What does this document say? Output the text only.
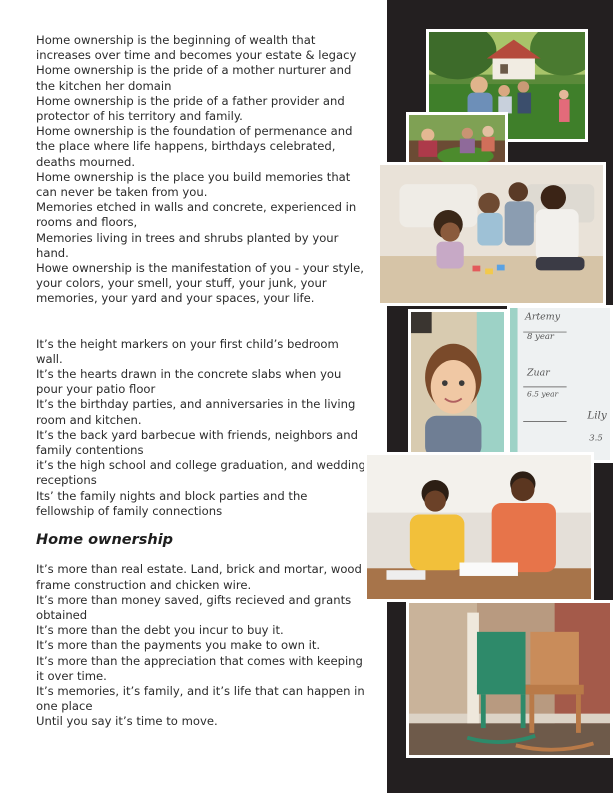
Home ownership is the beginning of wealth that increases over time and becomes your estate & legacy

Home ownership is the pride of a mother nurturer and the kitchen her domain

Home ownership is the pride of a father provider and protector of his territory and family.

Home ownership is the foundation of permenance and the place where life happens, birthdays celebrated, deaths mourned.

Home ownership is the place you build memories that can never be taken from you.

Memories etched in walls and concrete, experienced in rooms and floors,

Memories living in trees and shrubs planted by your hand.

Howe ownership is the manifestation of you - your style, your colors, your smell, your stuff, your junk, your memories, your yard and your spaces, your life.

It’s the height markers on your first child’s bedroom wall.

It’s the hearts drawn in the concrete slabs when you pour your patio floor

It’s the birthday parties, and anniversaries in the living room and kitchen.

It’s the back yard barbecue with friends, neighbors and family contentions

it’s the high school and college graduation, and wedding receptions

Its’ the family nights and block parties and the fellowship of family connections

Home ownership

It’s more than real estate. Land, brick and mortar, wood frame construction and chicken wire.

It’s more than money saved, gifts recieved and grants obtained

It’s more than the debt you incur to buy it.

It’s more than the payments you make to own it.

It’s more than the appreciation that comes with keeping it over time.

It’s memories, it’s family, and it’s life that can happen in one place

Until you say it’s time to move.

Artemy
8 year
Zuar
6.5 year
Lily
3.5
